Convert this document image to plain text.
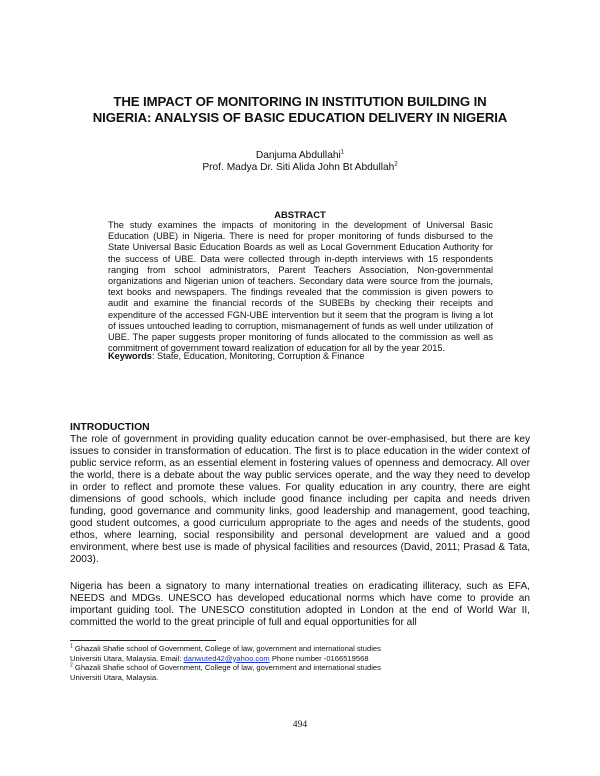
THE IMPACT OF MONITORING IN INSTITUTION BUILDING IN
NIGERIA: ANALYSIS OF BASIC EDUCATION DELIVERY IN NIGERIA
Danjuma Abdullahi$^1$
Prof. Madya Dr. Siti Alida John Bt Abdullah$^2$
ABSTRACT
The study examines the impacts of monitoring in the development of Universal Basic Education (UBE) in Nigeria. There is need for proper monitoring of funds disbursed to the State Universal Basic Education Boards as well as Local Government Education Authority for the success of UBE. Data were collected through in-depth interviews with 15 respondents ranging from school administrators, Parent Teachers Association, Non-governmental organizations and Nigerian union of teachers. Secondary data were source from the journals, text books and newspapers. The findings revealed that the commission is given powers to audit and examine the financial records of the SUBEBs by checking their receipts and expenditure of the accessed FGN-UBE intervention but it seem that the program is living a lot of issues untouched leading to corruption, mismanagement of funds as well under utilization of UBE. The paper suggests proper monitoring of funds allocated to the commission as well as commitment of government toward realization of education for all by the year 2015.
Keywords: State, Education, Monitoring, Corruption & Finance
INTRODUCTION
The role of government in providing quality education cannot be over-emphasised, but there are key issues to consider in transformation of education. The first is to place education in the wider context of public service reform, as an essential element in fostering values of openness and democracy. All over the world, there is a debate about the way public services operate, and the way they need to develop in order to reflect and promote these values. For quality education in any country, there are eight dimensions of good schools, which include good finance including per capita and needs driven funding, good governance and community links, good leadership and management, good teaching, good student outcomes, a good curriculum appropriate to the ages and needs of the students, good ethos, where learning, social responsibility and personal development are valued and a good environment, where best use is made of physical facilities and resources (David, 2011; Prasad & Tata, 2003).
Nigeria has been a signatory to many international treaties on eradicating illiteracy, such as EFA, NEEDS and MDGs. UNESCO has developed educational norms which have come to provide an important guiding tool. The UNESCO constitution adopted in London at the end of World War II, committed the world to the great principle of full and equal opportunities for all
$^1$ Ghazali Shafie school of Government, College of law, government and international studies
Universiti Utara, Malaysia. Email: danwuted42@yahoo.com Phone number -0166519568
$^2$ Ghazali Shafie school of Government, College of law, government and international studies
Universiti Utara, Malaysia.
494
